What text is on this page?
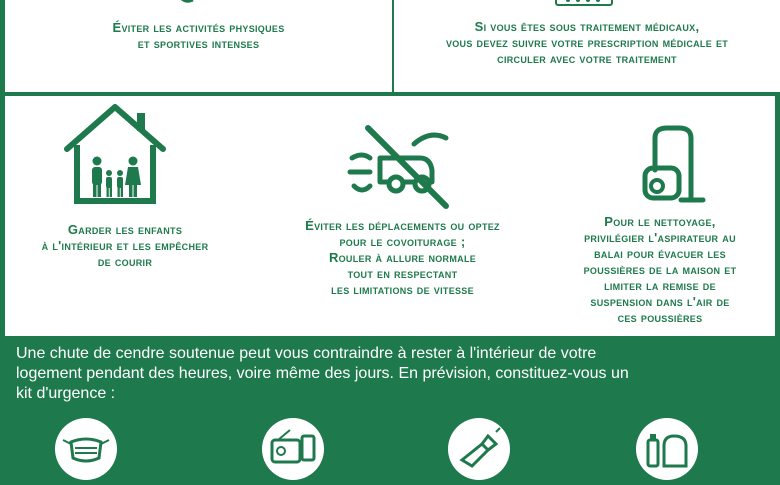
Éviter les activités physiques
et sportives intenses
Si vous êtes sous traitement médicaux,
vous devez suivre votre prescription médicale et
circuler avec votre traitement
Garder les enfants
à l'intérieur et les empêcher
de courir
Éviter les déplacements ou optez
pour le covoiturage ;
Rouler à allure normale
tout en respectant
les limitations de vitesse
Pour le nettoyage,
privilégier l'aspirateur au
balai pour évacuer les
poussières de la maison et
limiter la remise de
suspension dans l'air de
ces poussières
Une chute de cendre soutenue peut vous contraindre à rester à l'intérieur de votre
logement pendant des heures, voire même des jours. En prévision, constituez-vous un
kit d'urgence :
